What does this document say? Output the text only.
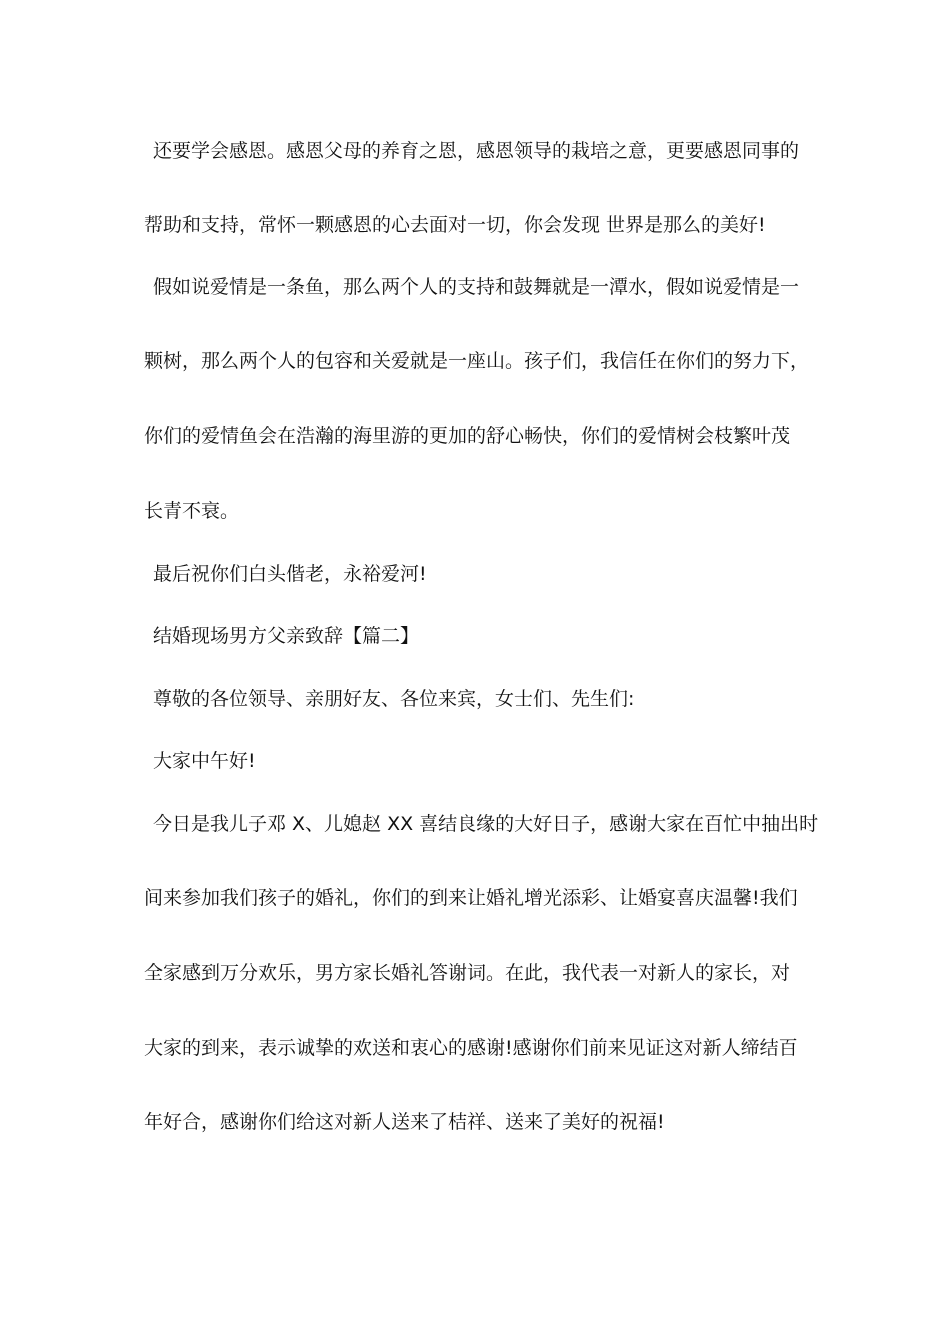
还要学会感恩。感恩父母的养育之恩，感恩领导的栽培之意，更要感恩同事的

帮助和支持，常怀一颗感恩的心去面对一切，你会发现 世界是那么的美好!

假如说爱情是一条鱼，那么两个人的支持和鼓舞就是一潭水，假如说爱情是一

颗树，那么两个人的包容和关爱就是一座山。孩子们，我信任在你们的努力下，

你们的爱情鱼会在浩瀚的海里游的更加的舒心畅快，你们的爱情树会枝繁叶茂

长青不衰。

最后祝你们白头偕老，永裕爱河!

结婚现场男方父亲致辞【篇二】

尊敬的各位领导、亲朋好友、各位来宾，女士们、先生们:

大家中午好!

今日是我儿子邓 X、儿媳赵 XX 喜结良缘的大好日子，感谢大家在百忙中抽出时

间来参加我们孩子的婚礼，你们的到来让婚礼增光添彩、让婚宴喜庆温馨!我们

全家感到万分欢乐，男方家长婚礼答谢词。在此，我代表一对新人的家长，对

大家的到来，表示诚挚的欢送和衷心的感谢!感谢你们前来见证这对新人缔结百

年好合，感谢你们给这对新人送来了桔祥、送来了美好的祝福!
